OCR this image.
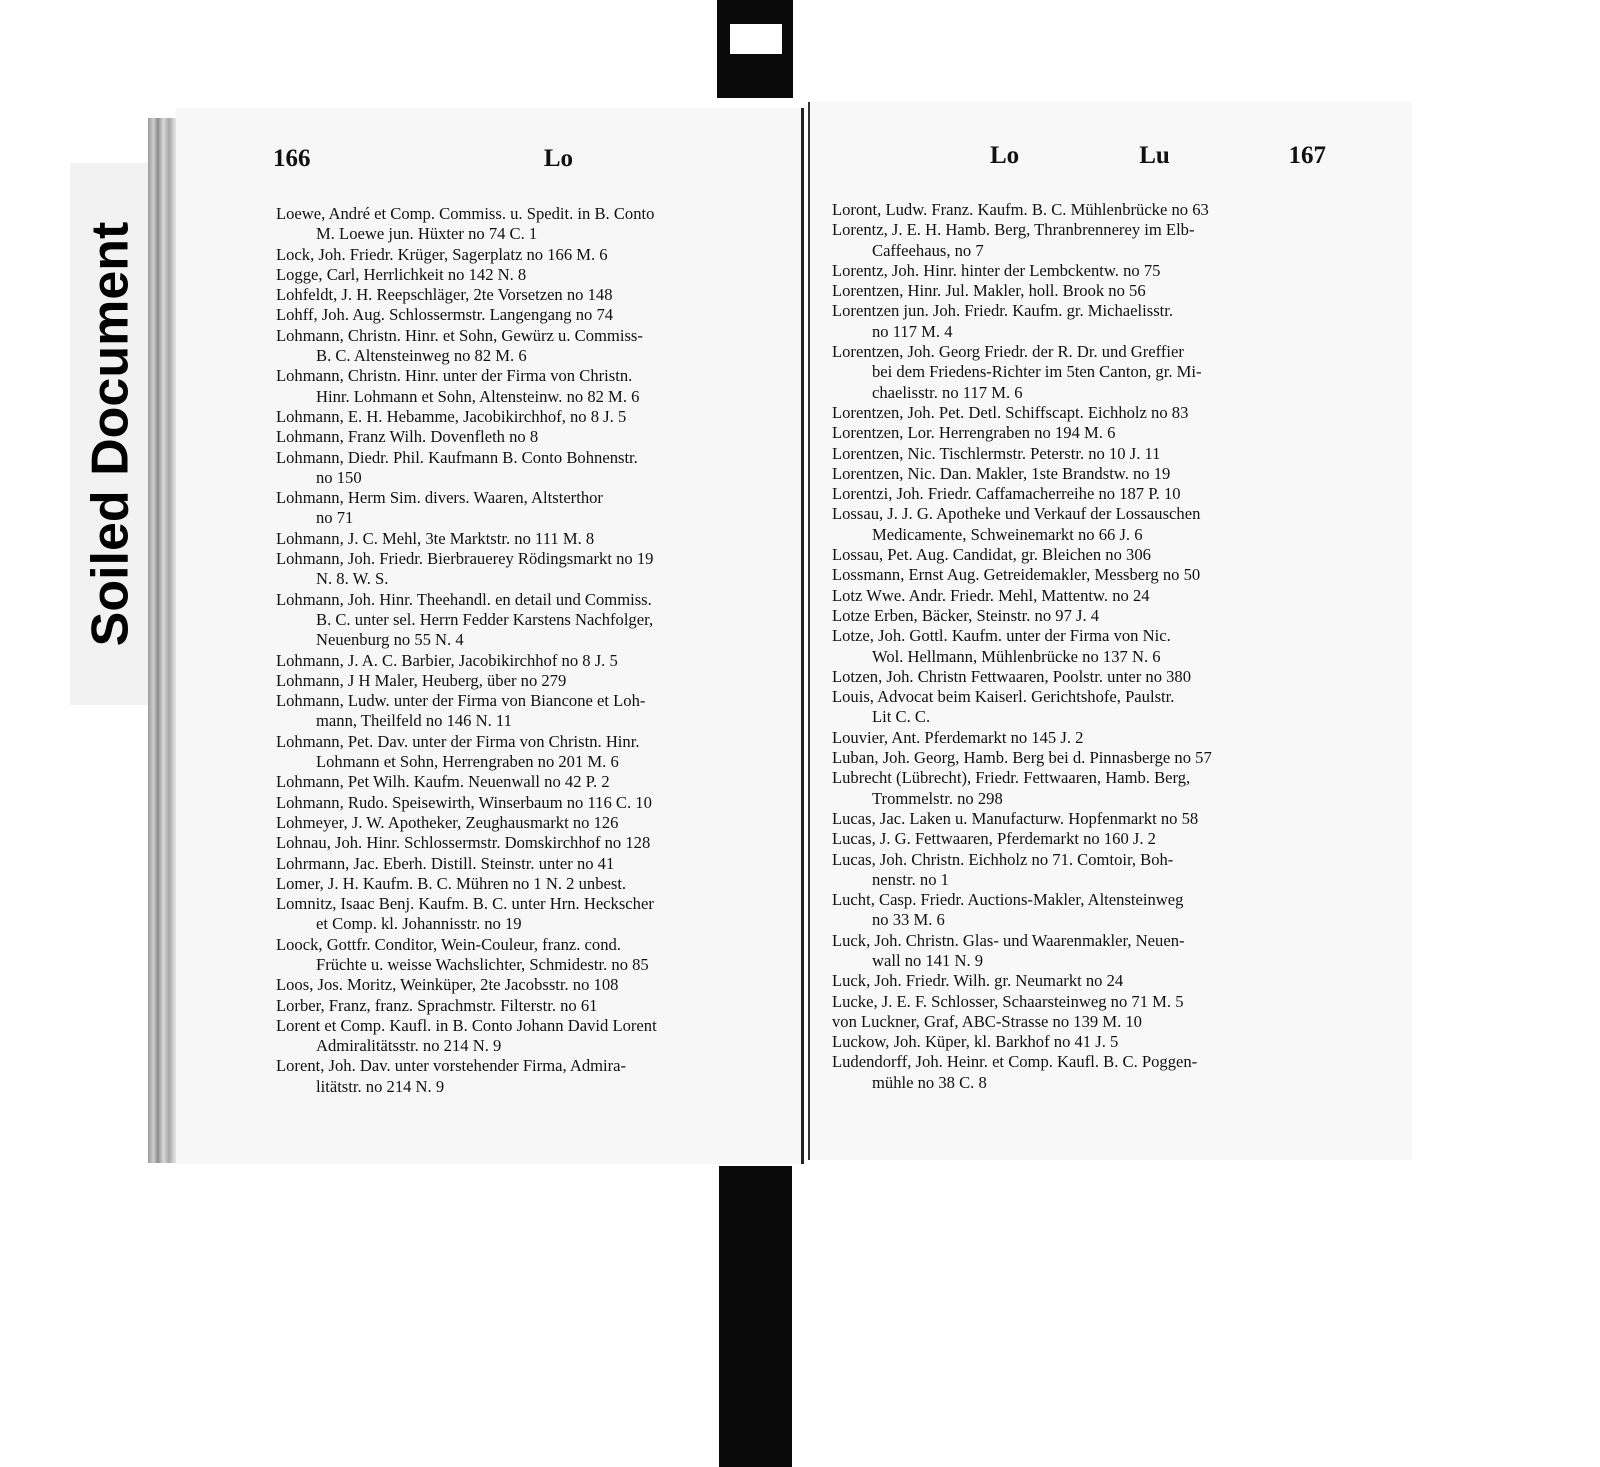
Soiled Document
166	Lo	Lo	Lu	167
Loewe, André et Comp. Commiss. u. Spedit. in B. Conto
M. Loewe jun. Hüxter no 74 C. 1
Lock, Joh. Friedr. Krüger, Sagerplatz no 166 M. 6
Logge, Carl, Herrlichkeit no 142 N. 8
Lohfeldt, J. H. Reepschläger, 2te Vorsetzen no 148
Lohff, Joh. Aug. Schlossermstr. Langengang no 74
Lohmann, Christn. Hinr. et Sohn, Gewürz u. Commiss-
B. C. Altensteinweg no 82 M. 6
Lohmann, Christn. Hinr. unter der Firma von Christn.
Hinr. Lohmann et Sohn, Altensteinw. no 82 M. 6
Lohmann, E. H. Hebamme, Jacobikirchhof, no 8 J. 5
Lohmann, Franz Wilh. Dovenfleth no 8
Lohmann, Diedr. Phil. Kaufmann B. Conto Bohnenstr.
no 150
Lohmann, Herm Sim. divers. Waaren, Altsterthor
no 71
Lohmann, J. C. Mehl, 3te Marktstr. no 111 M. 8
Lohmann, Joh. Friedr. Bierbrauerey Rödingsmarkt no 19
N. 8. W. S.
Lohmann, Joh. Hinr. Theehandl. en detail und Commiss.
B. C. unter sel. Herrn Fedder Karstens Nachfolger,
Neuenburg no 55 N. 4
Lohmann, J. A. C. Barbier, Jacobikirchhof no 8 J. 5
Lohmann, J H Maler, Heuberg, über no 279
Lohmann, Ludw. unter der Firma von Biancone et Loh-
mann, Theilfeld no 146 N. 11
Lohmann, Pet. Dav. unter der Firma von Christn. Hinr.
Lohmann et Sohn, Herrengraben no 201 M. 6
Lohmann, Pet Wilh. Kaufm. Neuenwall no 42 P. 2
Lohmann, Rudo. Speisewirth, Winserbaum no 116 C. 10
Lohmeyer, J. W. Apotheker, Zeughausmarkt no 126
Lohnau, Joh. Hinr. Schlossermstr. Domskirchhof no 128
Lohrmann, Jac. Eberh. Distill. Steinstr. unter no 41
Lomer, J. H. Kaufm. B. C. Mühren no 1 N. 2 unbest.
Lomnitz, Isaac Benj. Kaufm. B. C. unter Hrn. Heckscher
et Comp. kl. Johannisstr. no 19
Loock, Gottfr. Conditor, Wein-Couleur, franz. cond.
Früchte u. weisse Wachslichter, Schmidestr. no 85
Loos, Jos. Moritz, Weinküper, 2te Jacobsstr. no 108
Lorber, Franz, franz. Sprachmstr. Filterstr. no 61
Lorent et Comp. Kaufl. in B. Conto Johann David Lorent
Admiralitätsstr. no 214 N. 9
Lorent, Joh. Dav. unter vorstehender Firma, Admira-
litätstr. no 214 N. 9
Loront, Ludw. Franz. Kaufm. B. C. Mühlenbrücke no 63
Lorentz, J. E. H. Hamb. Berg, Thranbrennerey im Elb-
Caffeehaus, no 7
Lorentz, Joh. Hinr. hinter der Lembckentw. no 75
Lorentzen, Hinr. Jul. Makler, holl. Brook no 56
Lorentzen jun. Joh. Friedr. Kaufm. gr. Michaelisstr.
no 117 M. 4
Lorentzen, Joh. Georg Friedr. der R. Dr. und Greffier
bei dem Friedens-Richter im 5ten Canton, gr. Mi-
chaelisstr. no 117 M. 6
Lorentzen, Joh. Pet. Detl. Schiffscapt. Eichholz no 83
Lorentzen, Lor. Herrengraben no 194 M. 6
Lorentzen, Nic. Tischlermstr. Peterstr. no 10 J. 11
Lorentzen, Nic. Dan. Makler, 1ste Brandstw. no 19
Lorentzi, Joh. Friedr. Caffamacherreihe no 187 P. 10
Lossau, J. J. G. Apotheke und Verkauf der Lossauschen
Medicamente, Schweinemarkt no 66 J. 6
Lossau, Pet. Aug. Candidat, gr. Bleichen no 306
Lossmann, Ernst Aug. Getreidemakler, Messberg no 50
Lotz Wwe. Andr. Friedr. Mehl, Mattentw. no 24
Lotze Erben, Bäcker, Steinstr. no 97 J. 4
Lotze, Joh. Gottl. Kaufm. unter der Firma von Nic.
Wol. Hellmann, Mühlenbrücke no 137 N. 6
Lotzen, Joh. Christn Fettwaaren, Poolstr. unter no 380
Louis, Advocat beim Kaiserl. Gerichtshofe, Paulstr.
Lit C. C.
Louvier, Ant. Pferdemarkt no 145 J. 2
Luban, Joh. Georg, Hamb. Berg bei d. Pinnasberge no 57
Lubrecht (Lübrecht), Friedr. Fettwaaren, Hamb. Berg,
Trommelstr. no 298
Lucas, Jac. Laken u. Manufacturw. Hopfenmarkt no 58
Lucas, J. G. Fettwaaren, Pferdemarkt no 160 J. 2
Lucas, Joh. Christn. Eichholz no 71. Comtoir, Boh-
nenstr. no 1
Lucht, Casp. Friedr. Auctions-Makler, Altensteinweg
no 33 M. 6
Luck, Joh. Christn. Glas- und Waarenmakler, Neuen-
wall no 141 N. 9
Luck, Joh. Friedr. Wilh. gr. Neumarkt no 24
Lucke, J. E. F. Schlosser, Schaarsteinweg no 71 M. 5
von Luckner, Graf, ABC-Strasse no 139 M. 10
Luckow, Joh. Küper, kl. Barkhof no 41 J. 5
Ludendorff, Joh. Heinr. et Comp. Kaufl. B. C. Poggen-
mühle no 38 C. 8
